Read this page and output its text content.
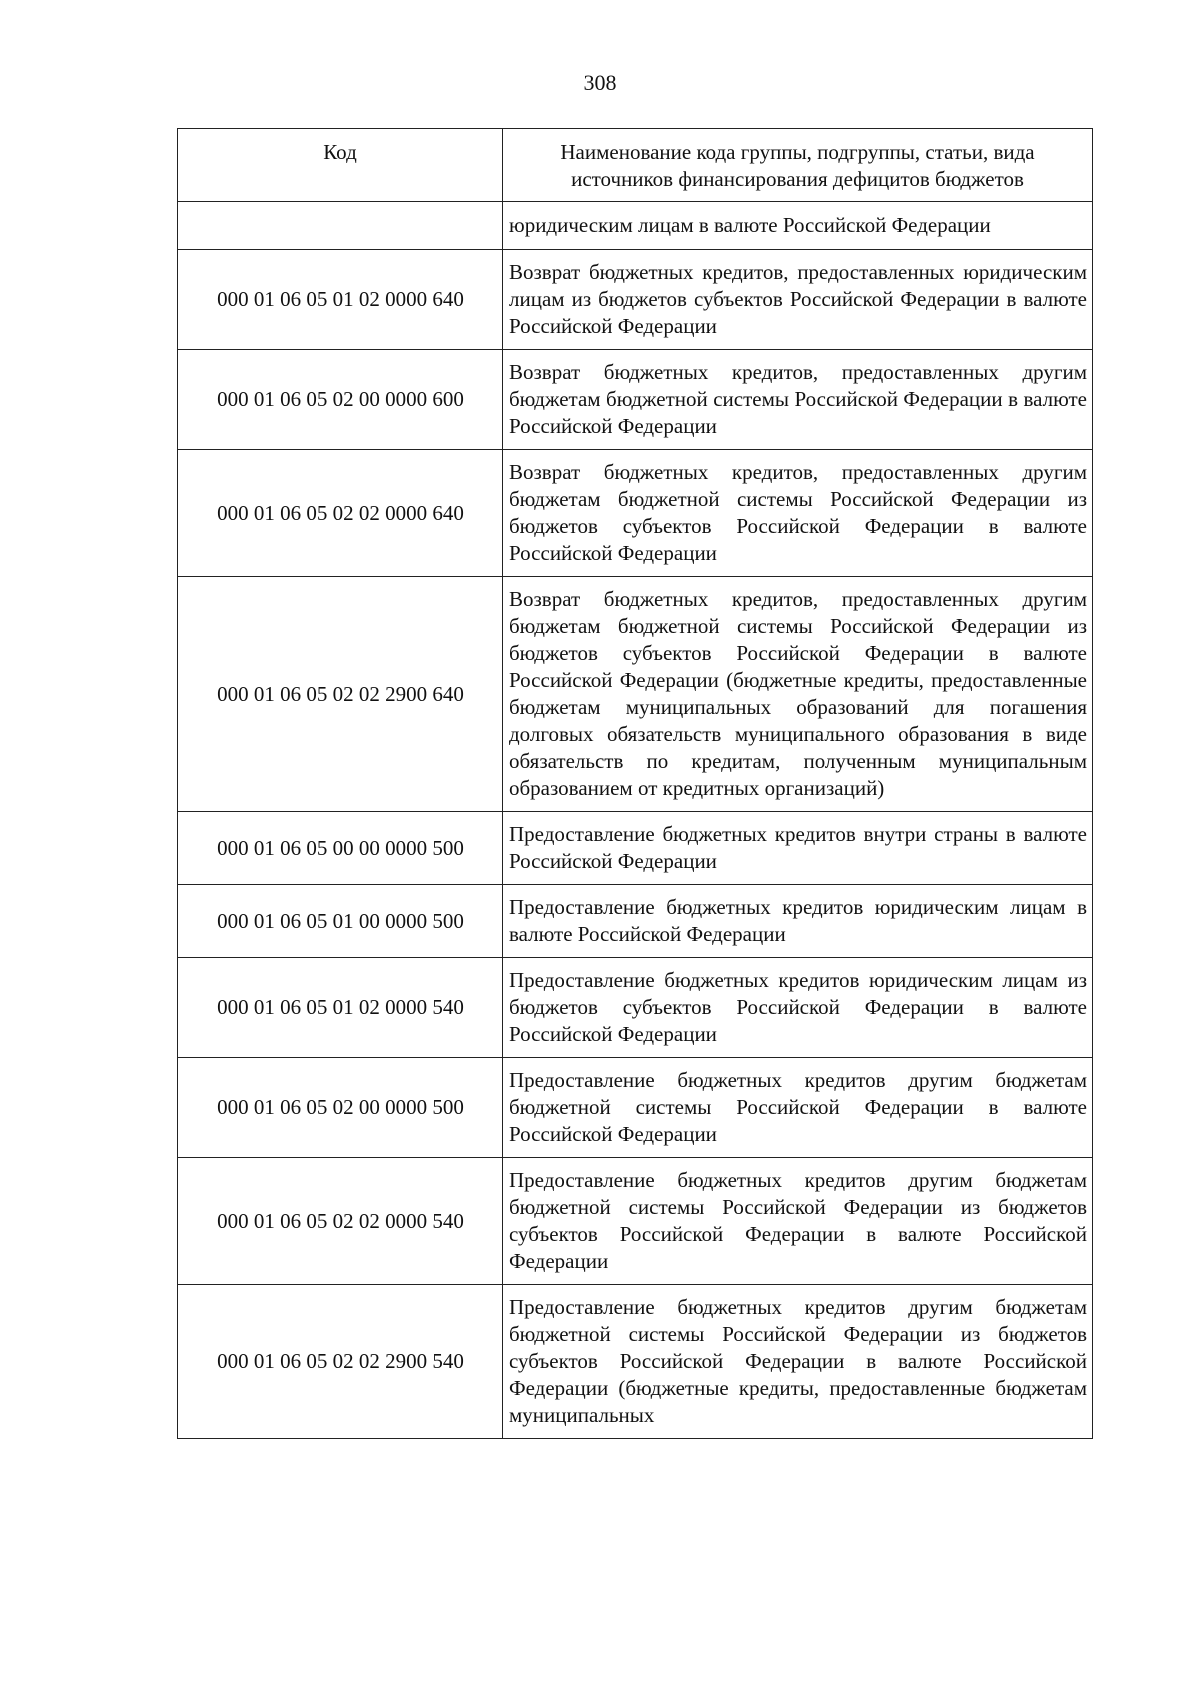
308
Код	Наименование кода группы, подгруппы, статьи, вида источников финансирования дефицитов бюджетов
	юридическим лицам в валюте Российской Федерации
000 01 06 05 01 02 0000 640	Возврат бюджетных кредитов, предоставленных юридическим лицам из бюджетов субъектов Российской Федерации в валюте Российской Федерации
000 01 06 05 02 00 0000 600	Возврат бюджетных кредитов, предоставленных другим бюджетам бюджетной системы Российской Федерации в валюте Российской Федерации
000 01 06 05 02 02 0000 640	Возврат бюджетных кредитов, предоставленных другим бюджетам бюджетной системы Российской Федерации из бюджетов субъектов Российской Федерации в валюте Российской Федерации
000 01 06 05 02 02 2900 640	Возврат бюджетных кредитов, предоставленных другим бюджетам бюджетной системы Российской Федерации из бюджетов субъектов Российской Федерации в валюте Российской Федерации (бюджетные кредиты, предоставленные бюджетам муниципальных образований для погашения долговых обязательств муниципального образования в виде обязательств по кредитам, полученным муниципальным образованием от кредитных организаций)
000 01 06 05 00 00 0000 500	Предоставление бюджетных кредитов внутри страны в валюте Российской Федерации
000 01 06 05 01 00 0000 500	Предоставление бюджетных кредитов юридическим лицам в валюте Российской Федерации
000 01 06 05 01 02 0000 540	Предоставление бюджетных кредитов юридическим лицам из бюджетов субъектов Российской Федерации в валюте Российской Федерации
000 01 06 05 02 00 0000 500	Предоставление бюджетных кредитов другим бюджетам бюджетной системы Российской Федерации в валюте Российской Федерации
000 01 06 05 02 02 0000 540	Предоставление бюджетных кредитов другим бюджетам бюджетной системы Российской Федерации из бюджетов субъектов Российской Федерации в валюте Российской Федерации
000 01 06 05 02 02 2900 540	Предоставление бюджетных кредитов другим бюджетам бюджетной системы Российской Федерации из бюджетов субъектов Российской Федерации в валюте Российской Федерации (бюджетные кредиты, предоставленные бюджетам муниципальных
